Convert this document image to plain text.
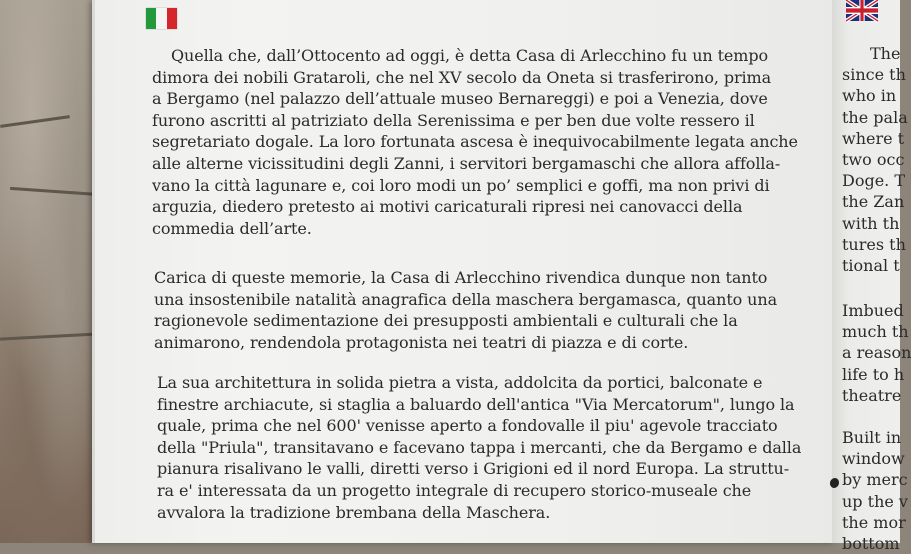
Quella che, dall’Ottocento ad oggi, è detta Casa di Arlecchino fu un tempo

dimora dei nobili Grataroli, che nel XV secolo da Oneta si trasferirono, prima

a Bergamo (nel palazzo dell’attuale museo Bernareggi) e poi a Venezia, dove

furono ascritti al patriziato della Serenissima e per ben due volte ressero il

segretariato dogale. La loro fortunata ascesa è inequivocabilmente legata anche

alle alterne vicissitudini degli Zanni, i servitori bergamaschi che allora affolla-

vano la città lagunare e, coi loro modi un po’ semplici e goffi, ma non privi di

arguzia, diedero pretesto ai motivi caricaturali ripresi nei canovacci della

commedia dell’arte.

Carica di queste memorie, la Casa di Arlecchino rivendica dunque non tanto

una insostenibile natalità anagrafica della maschera bergamasca, quanto una

ragionevole sedimentazione dei presupposti ambientali e culturali che la

animarono, rendendola protagonista nei teatri di piazza e di corte.

La sua architettura in solida pietra a vista, addolcita da portici, balconate e

finestre archiacute, si staglia a baluardo dell'antica "Via Mercatorum", lungo la

quale, prima che nel 600' venisse aperto a fondovalle il piu' agevole tracciato

della "Priula", transitavano e facevano tappa i mercanti, che da Bergamo e dalla

pianura risalivano le valli, diretti verso i Grigioni ed il nord Europa. La struttu-

ra e' interessata da un progetto integrale di recupero storico-museale che

avvalora la tradizione brembana della Maschera.

The

since th

who in

the pala

where t

two occ

Doge. T

the Zan

with th

tures th

tional t

Imbued

much th

a reason

life to h

theatre

Built in

window

by merc

up the v

the mor

bottom
